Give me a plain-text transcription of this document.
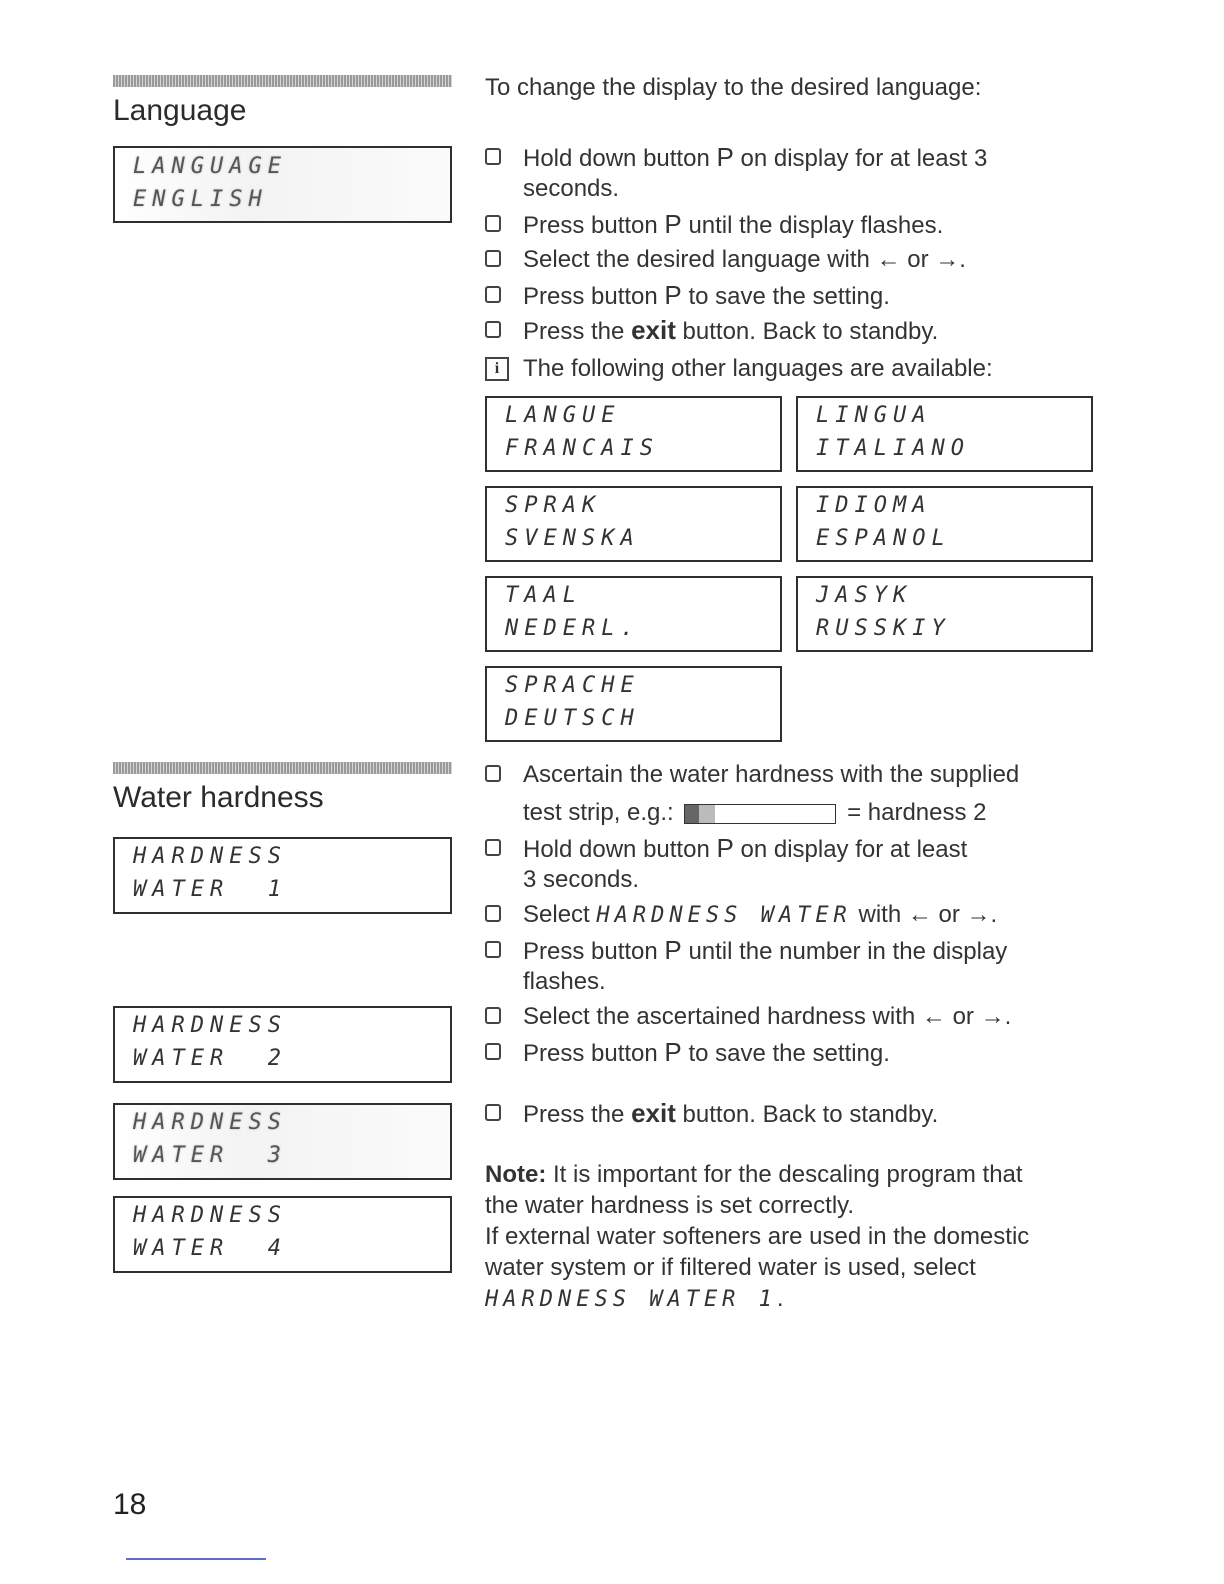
Language
LANGUAGE
ENGLISH
To change the display to the desired language:
Hold down button P on display for at least 3
seconds.
Press button P until the display flashes.
Select the desired language with ← or →.
Press button P to save the setting.
Press the exit button. Back to standby.
i The following other languages are available:
LANGUE
FRANCAIS
LINGUA
ITALIANO
SPRAK
SVENSKA
IDIOMA
ESPANOL
TAAL
NEDERL.
JASYK
RUSSKIY
SPRACHE
DEUTSCH
Water hardness
HARDNESS
WATER  1
HARDNESS
WATER  2
HARDNESS
WATER  3
HARDNESS
WATER  4
Ascertain the water hardness with the supplied
test strip, e.g.:	= hardness 2
Hold down button P on display for at least
3 seconds.
Select HARDNESS WATER with ← or →.
Press button P until the number in the display
flashes.
Select the ascertained hardness with ← or →.
Press button P to save the setting.
Press the exit button. Back to standby.
Note: It is important for the descaling program that
the water hardness is set correctly.
If external water softeners are used in the domestic
water system or if filtered water is used, select
HARDNESS WATER 1.
18
